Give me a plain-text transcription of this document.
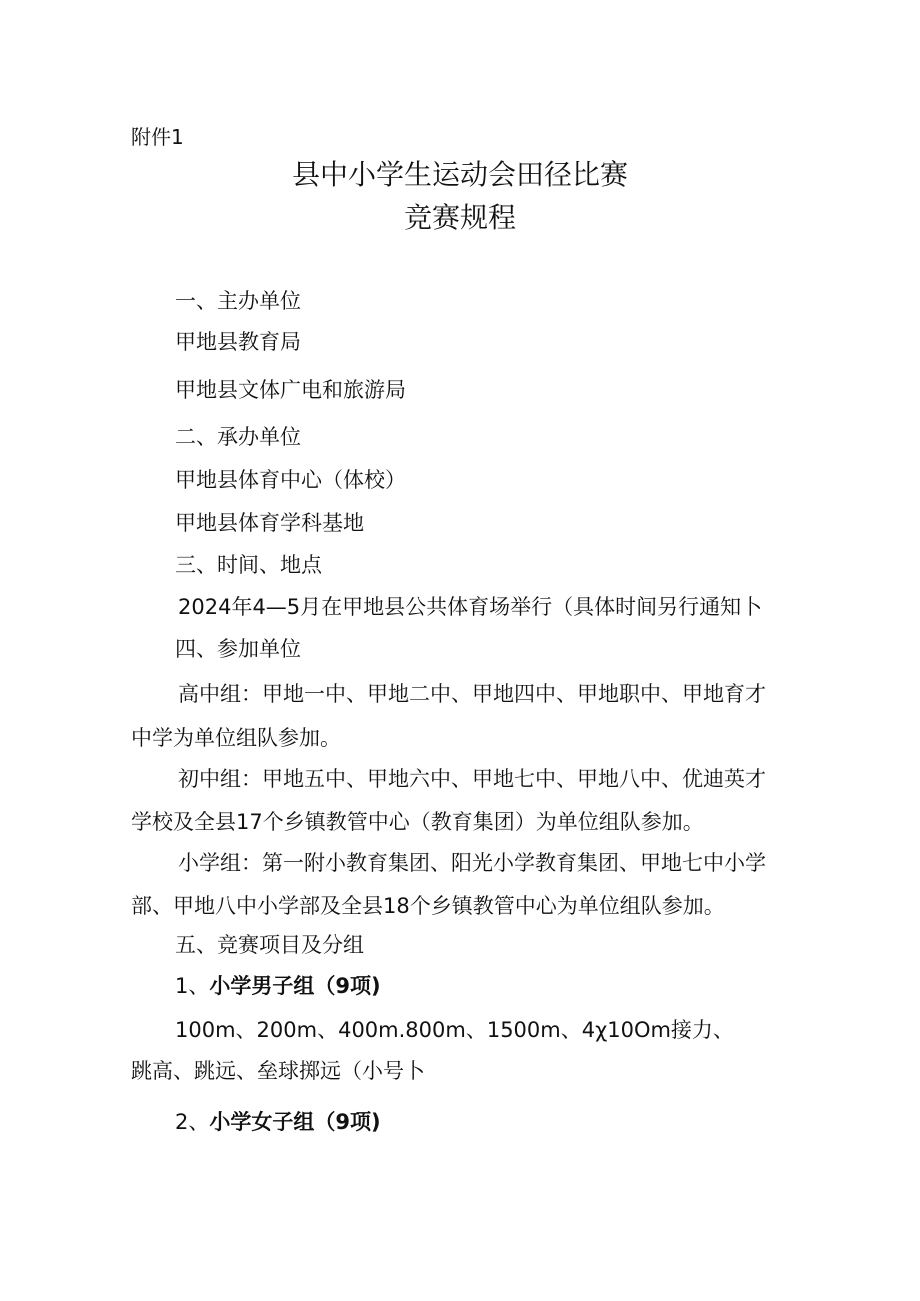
附件1
县中小学生运动会田径比赛
竞赛规程
一、主办单位
甲地县教育局
甲地县文体广电和旅游局
二、承办单位
甲地县体育中心（体校）
甲地县体育学科基地
三、时间、地点
2024年4—5月在甲地县公共体育场举行（具体时间另行通知卜
四、参加单位
高中组：甲地一中、甲地二中、甲地四中、甲地职中、甲地育才
中学为单位组队参加。
初中组：甲地五中、甲地六中、甲地七中、甲地八中、优迪英才
学校及全县17个乡镇教管中心（教育集团）为单位组队参加。
小学组：第一附小教育集团、阳光小学教育集团、甲地七中小学
部、甲地八中小学部及全县18个乡镇教管中心为单位组队参加。
五、竞赛项目及分组
1、小学男子组（9项)
100m、200m、400m.800m、1500m、4χ10Om接力、
跳高、跳远、垒球掷远（小号卜
2、小学女子组（9项)
